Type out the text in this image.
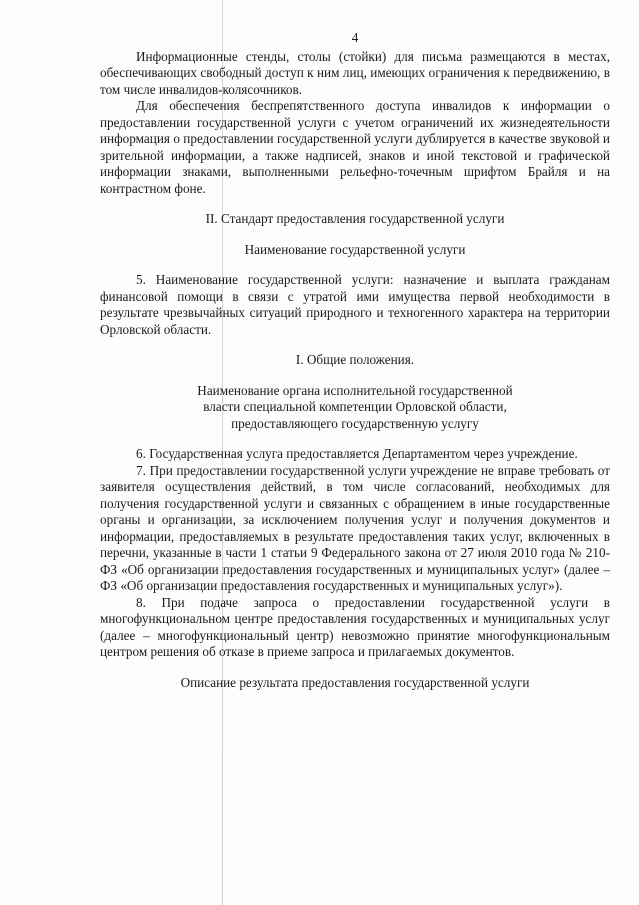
4

Информационные стенды, столы (стойки) для письма размещаются в местах, обеспечивающих свободный доступ к ним лиц, имеющих ограничения к передвижению, в том числе инвалидов-колясочников.

Для обеспечения беспрепятственного доступа инвалидов к информации о предоставлении государственной услуги с учетом ограничений их жизнедеятельности информация о предоставлении государственной услуги дублируется в качестве звуковой и зрительной информации, а также надписей, знаков и иной текстовой и графической информации знаками, выполненными рельефно-точечным шрифтом Брайля и на контрастном фоне.

II. Стандарт предоставления государственной услуги

Наименование государственной услуги

5. Наименование государственной услуги: назначение и выплата гражданам финансовой помощи в связи с утратой ими имущества первой необходимости в результате чрезвычайных ситуаций природного и техногенного характера на территории Орловской области.

I. Общие положения.

Наименование органа исполнительной государственной
власти специальной компетенции Орловской области,
предоставляющего государственную услугу

6. Государственная услуга предоставляется Департаментом через учреждение.

7. При предоставлении государственной услуги учреждение не вправе требовать от заявителя осуществления действий, в том числе согласований, необходимых для получения государственной услуги и связанных с обращением в иные государственные органы и организации, за исключением получения услуг и получения документов и информации, предоставляемых в результате предоставления таких услуг, включенных в перечни, указанные в части 1 статьи 9 Федерального закона от 27 июля 2010 года № 210-ФЗ «Об организации предоставления государственных и муниципальных услуг» (далее – ФЗ «Об организации предоставления государственных и муниципальных услуг»).

8. При подаче запроса о предоставлении государственной услуги в многофункциональном центре предоставления государственных и муниципальных услуг (далее – многофункциональный центр) невозможно принятие многофункциональным центром решения об отказе в приеме запроса и прилагаемых документов.

Описание результата предоставления государственной услуги
